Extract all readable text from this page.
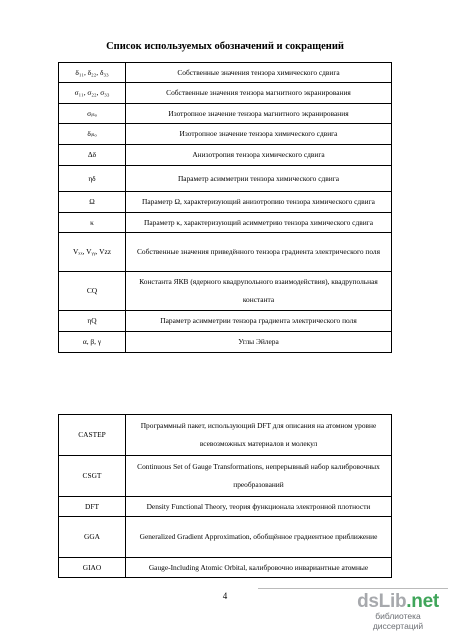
Список используемых обозначений и сокращений
δ₁₁, δ₂₂, δ₃₃	Собственные значения тензора химического сдвига
σ₁₁, σ₂₂, σ₃₃	Собственные значения тензора магнитного экранирования
σᵢₛₒ	Изотропное значение тензора магнитного экранирования
δᵢₛₒ	Изотропное значение тензора химического сдвига
Δδ	Анизотропия тензора химического сдвига
ηδ	Параметр асимметрии тензора химического сдвига
Ω	Параметр Ω, характеризующий анизотропию тензора химического сдвига
κ	Параметр κ, характеризующий асимметрию тензора химического сдвига
Vₓₓ, Vᵧᵧ, Vzz	Собственные значения приведённого тензора градиента электрического поля
CQ	Константа ЯКВ (ядерного квадрупольного взаимодействия), квадрупольная константа
ηQ	Параметр асимметрии тензора градиента электрического поля
α, β, γ	Углы Эйлера
CASTEP	Программный пакет, использующий DFT для описания на атомном уровне всевозможных материалов и молекул
CSGT	Continuous Set of Gauge Transformations, непрерывный набор калибровочных преобразований
DFT	Density Functional Theory, теория функционала электронной плотности
GGA	Generalized Gradient Approximation, обобщённое градиентное приближение
GIAO	Gauge-Including Atomic Orbital, калибровочно инвариантные атомные
4	dsLib.net
библиотека диссертаций
